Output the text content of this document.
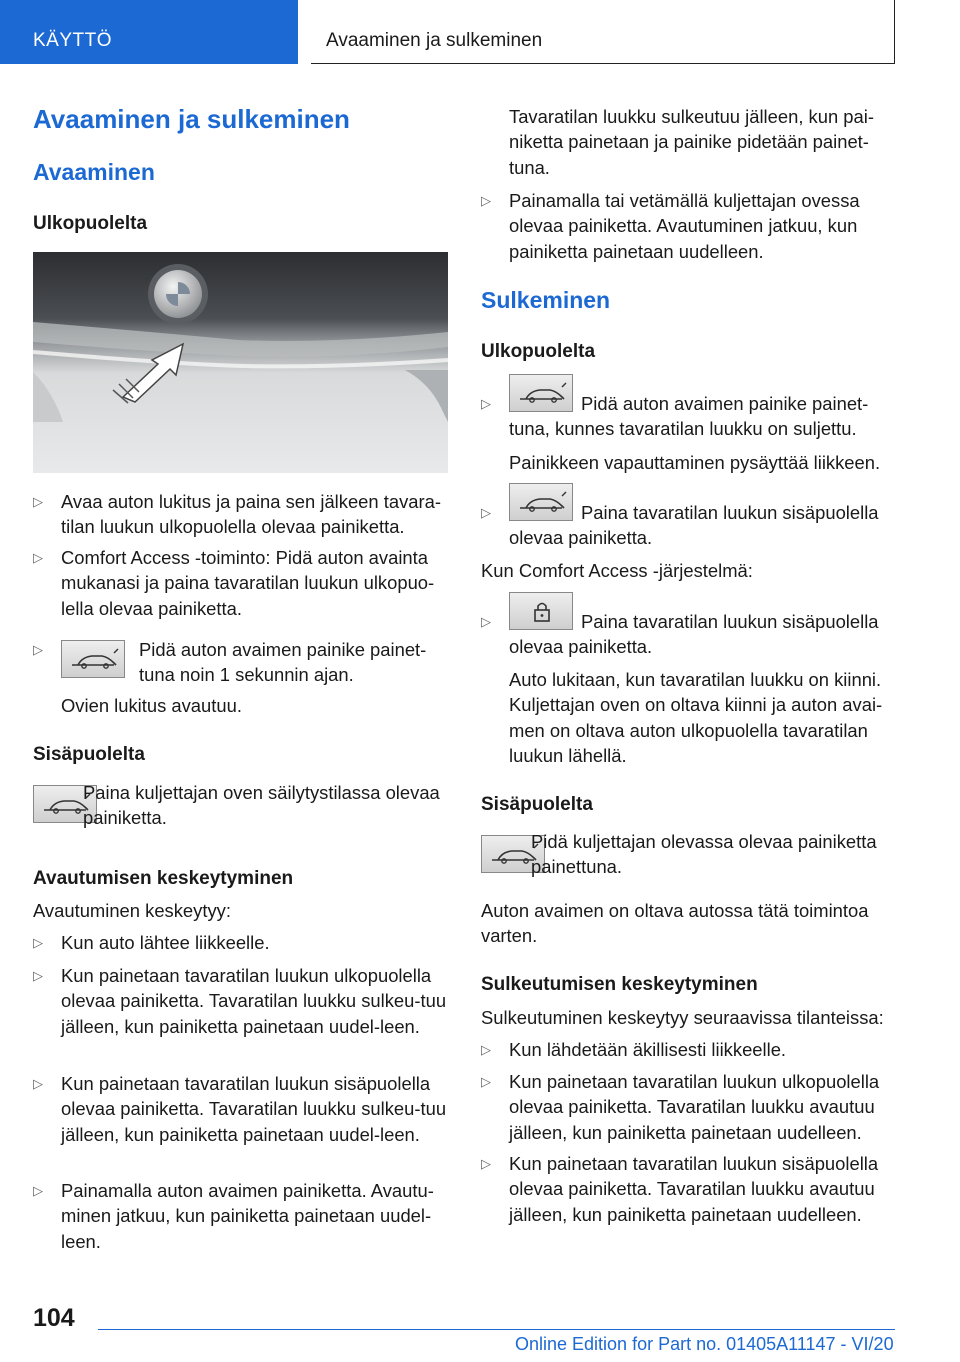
KÄYTTÖ	Avaaminen ja sulkeminen
Avaaminen ja sulkeminen
Avaaminen
Ulkopuolelta
▷ Avaa auton lukitus ja paina sen jälkeen tavara-tilan luukun ulkopuolella olevaa painiketta.
▷ Comfort Access -toiminto: Pidä auton avainta mukanasi ja paina tavaratilan luukun ulkopuo-lella olevaa painiketta.
▷	Pidä auton avaimen painike painet-tuna noin 1 sekunnin ajan.
Ovien lukitus avautuu.
Sisäpuolelta
Paina kuljettajan oven säilytystilassa olevaa painiketta.
Avautumisen keskeytyminen
Avautuminen keskeytyy:
▷ Kun auto lähtee liikkeelle.
▷ Kun painetaan tavaratilan luukun ulkopuolella olevaa painiketta. Tavaratilan luukku sulkeu-tuu jälleen, kun painiketta painetaan uudel-leen.
▷ Kun painetaan tavaratilan luukun sisäpuolella olevaa painiketta. Tavaratilan luukku sulkeu-tuu jälleen, kun painiketta painetaan uudel-leen.
▷ Painamalla auton avaimen painiketta. Avautu-minen jatkuu, kun painiketta painetaan uudel-leen.
Tavaratilan luukku sulkeutuu jälleen, kun pai-niketta painetaan ja painike pidetään painet-tuna.
▷ Painamalla tai vetämällä kuljettajan ovessa olevaa painiketta. Avautuminen jatkuu, kun painiketta painetaan uudelleen.
Sulkeminen
Ulkopuolelta
▷	Pidä auton avaimen painike painet-tuna, kunnes tavaratilan luukku on suljettu.
Painikkeen vapauttaminen pysäyttää liikkeen.
▷	Paina tavaratilan luukun sisäpuolella olevaa painiketta.
Kun Comfort Access -järjestelmä:
▷	Paina tavaratilan luukun sisäpuolella olevaa painiketta.
Auto lukitaan, kun tavaratilan luukku on kiinni. Kuljettajan oven on oltava kiinni ja auton avai-men on oltava auton ulkopuolella tavaratilan luukun lähellä.
Sisäpuolelta
Pidä kuljettajan olevassa olevaa painiketta painettuna.
Auton avaimen on oltava autossa tätä toimintoa varten.
Sulkeutumisen keskeytyminen
Sulkeutuminen keskeytyy seuraavissa tilanteissa:
▷ Kun lähdetään äkillisesti liikkeelle.
▷ Kun painetaan tavaratilan luukun ulkopuolella olevaa painiketta. Tavaratilan luukku avautuu jälleen, kun painiketta painetaan uudelleen.
▷ Kun painetaan tavaratilan luukun sisäpuolella olevaa painiketta. Tavaratilan luukku avautuu jälleen, kun painiketta painetaan uudelleen.
104
Online Edition for Part no. 01405A11147 - VI/20
